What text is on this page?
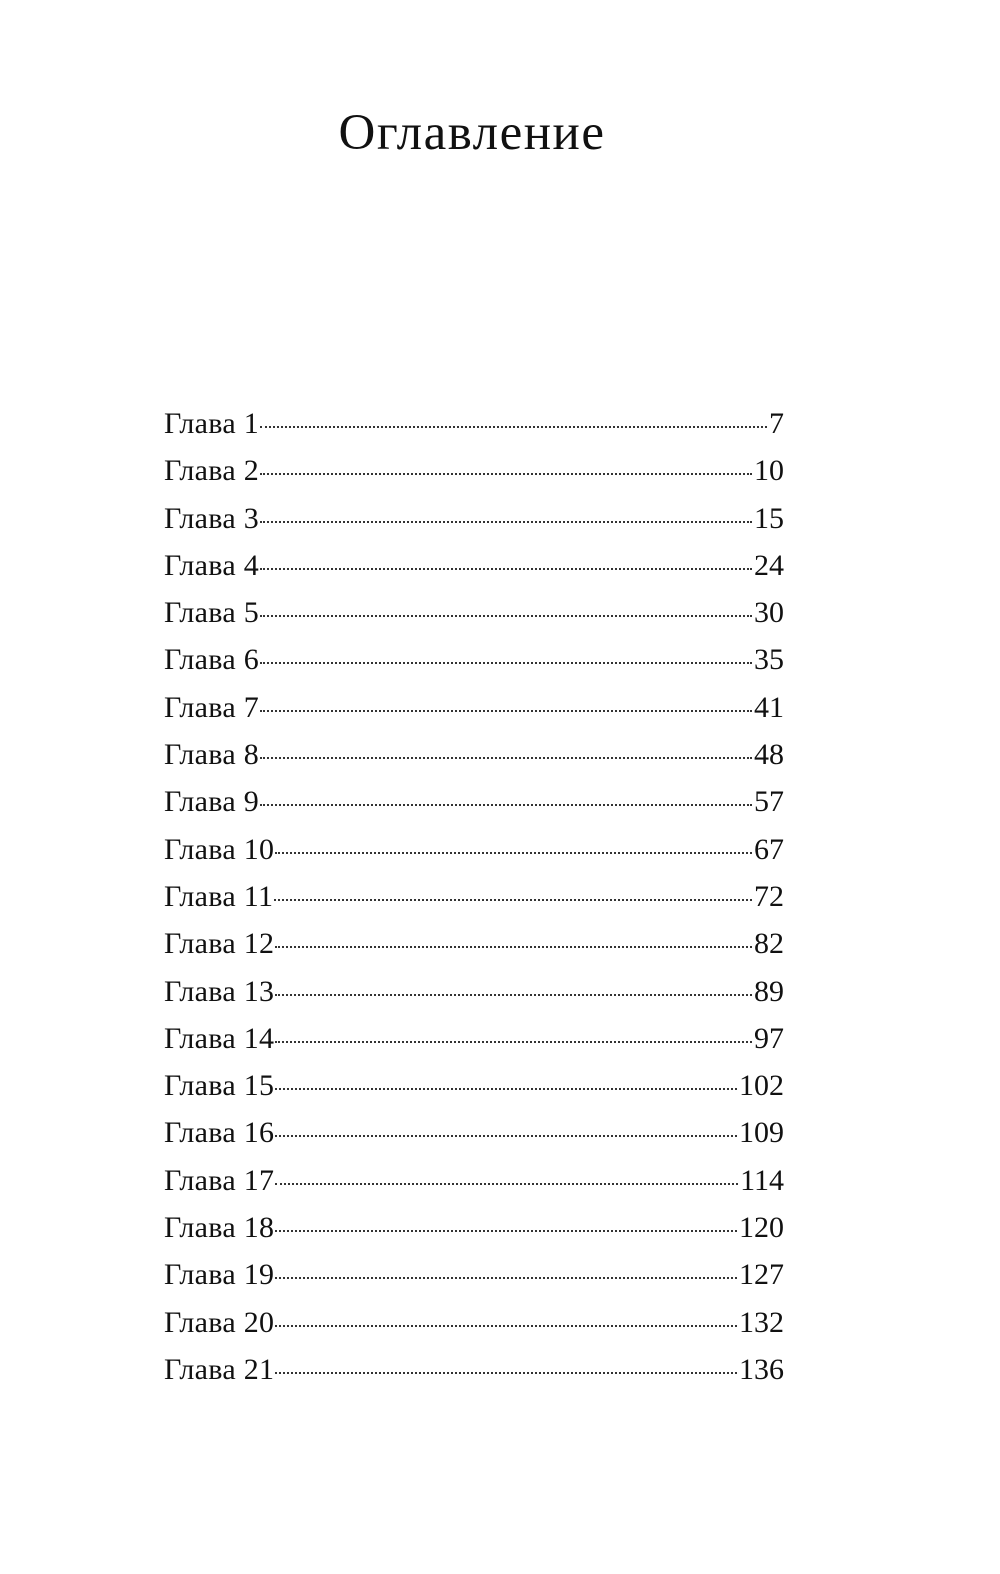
Оглавление
Глава 1	7
Глава 2	10
Глава 3	15
Глава 4	24
Глава 5	30
Глава 6	35
Глава 7	41
Глава 8	48
Глава 9	57
Глава 10	67
Глава 11	72
Глава 12	82
Глава 13	89
Глава 14	97
Глава 15	102
Глава 16	109
Глава 17	114
Глава 18	120
Глава 19	127
Глава 20	132
Глава 21	136
